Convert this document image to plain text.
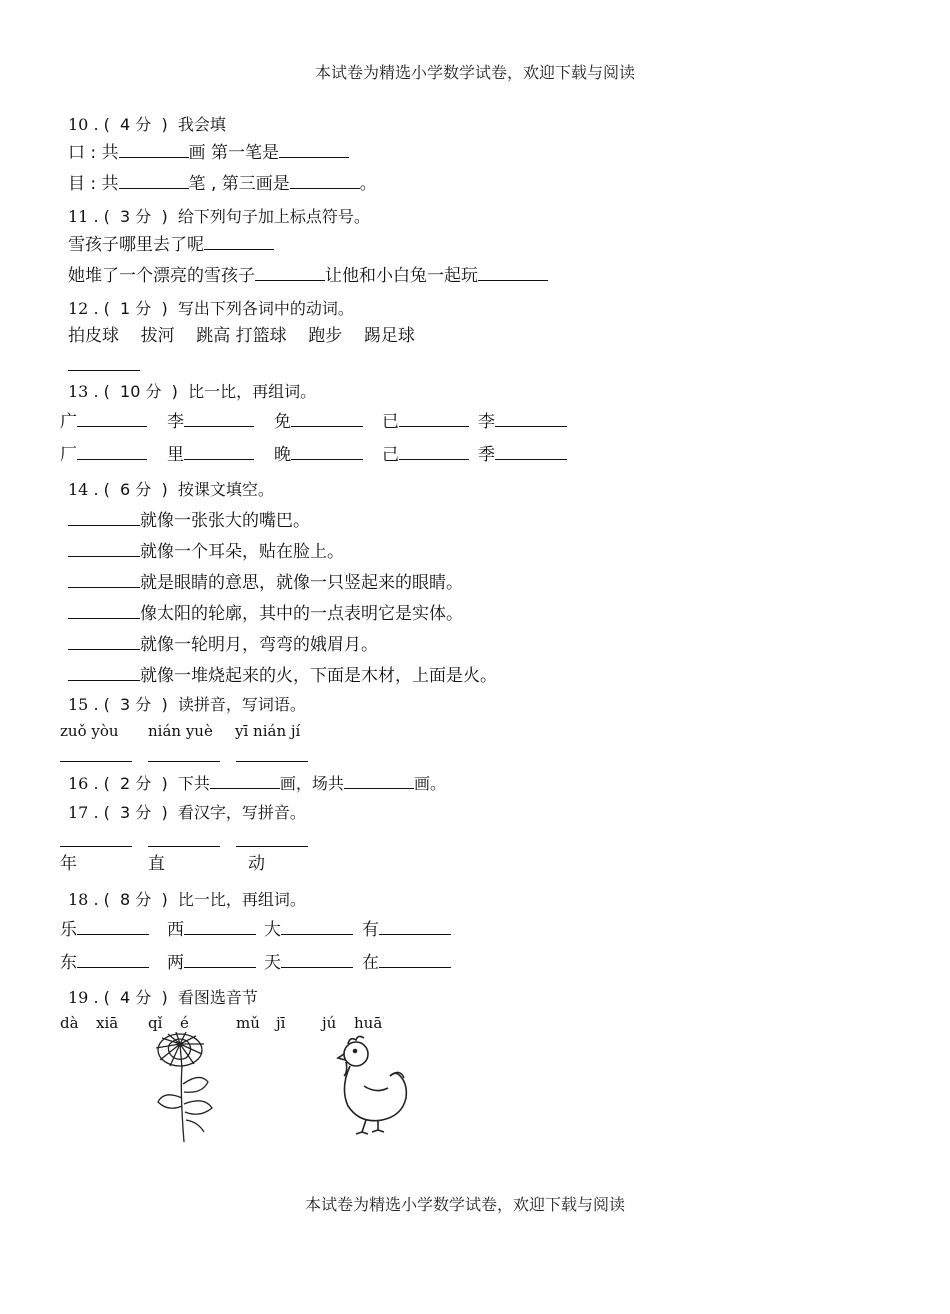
本试卷为精选小学数学试卷，欢迎下载与阅读
10 . (  4 分  )  我会填
口 : 共	画 第一笔是
目 : 共	笔 , 第三画是	。
11 . (  3 分  )  给下列句子加上标点符号。
雪孩子哪里去了呢
她堆了一个漂亮的雪孩子	让他和小白兔一起玩
12 . (  1 分  )  写出下列各词中的动词。
拍皮球    拔河    跳高 打篮球    跑步    踢足球
13 . (  10 分  )  比一比，再组词。
广	李	免	已	李
厂	里	晚	己	季
14 . (  6 分  )  按课文填空。
就像一张张大的嘴巴。
就像一个耳朵，贴在脸上。
就是眼睛的意思，就像一只竖起来的眼睛。
像太阳的轮廓，其中的一点表明它是实体。
就像一轮明月，弯弯的娥眉月。
就像一堆烧起来的火，下面是木材，上面是火。
15 . (  3 分  )  读拼音，写词语。
zuǒ yòu nián yuè yī nián jí
16 . (  2 分  )  下共	画，场共	画。
17 . (  3 分  )  看汉字，写拼音。
年	直	动
18 . (  8 分  )  比一比，再组词。
乐	西	大	有
东	两	天	在
19 . (  4 分  )  看图选音节
dà xiā qǐ é	mǔ jī jú huā
本试卷为精选小学数学试卷，欢迎下载与阅读
